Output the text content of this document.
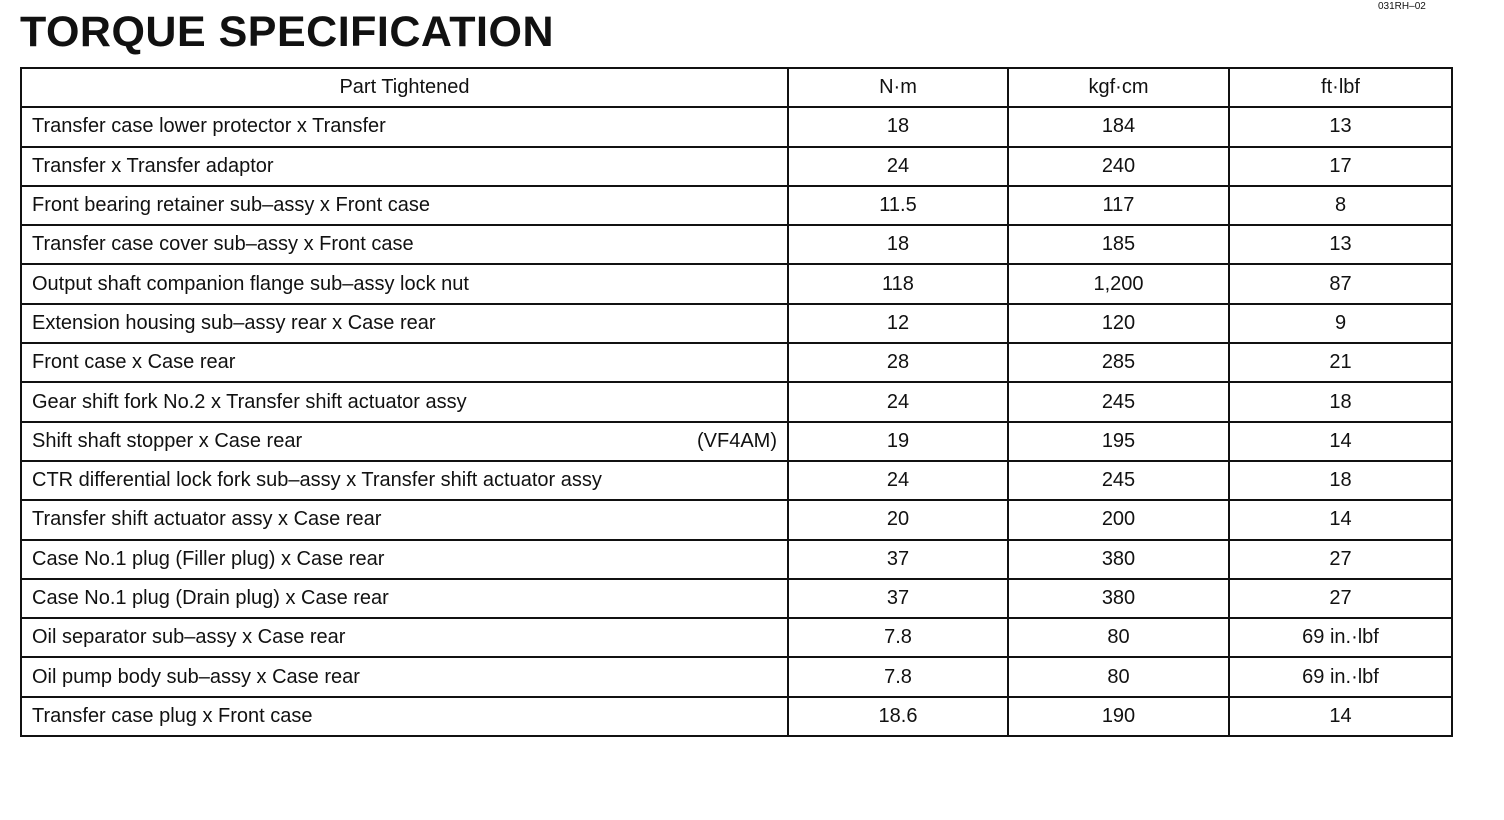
TORQUE SPECIFICATION
031RH–02
Part Tightened	N·m	kgf·cm	ft·lbf

Transfer case lower protector x Transfer	18	184	13

Transfer x Transfer adaptor	24	240	17

Front bearing retainer sub–assy x Front case	11.5	117	8

Transfer case cover sub–assy x Front case	18	185	13

Output shaft companion flange sub–assy lock nut	118	1,200	87

Extension housing sub–assy rear x Case rear	12	120	9

Front case x Case rear	28	285	21

Gear shift fork No.2 x Transfer shift actuator assy	24	245	18

Shift shaft stopper x Case rear (VF4AM)	19	195	14

CTR differential lock fork sub–assy x Transfer shift actuator assy	24	245	18

Transfer shift actuator assy x Case rear	20	200	14

Case No.1 plug (Filler plug) x Case rear	37	380	27

Case No.1 plug (Drain plug) x Case rear	37	380	27

Oil separator sub–assy x Case rear	7.8	80	69 in.·lbf

Oil pump body sub–assy x Case rear	7.8	80	69 in.·lbf

Transfer case plug x Front case	18.6	190	14
